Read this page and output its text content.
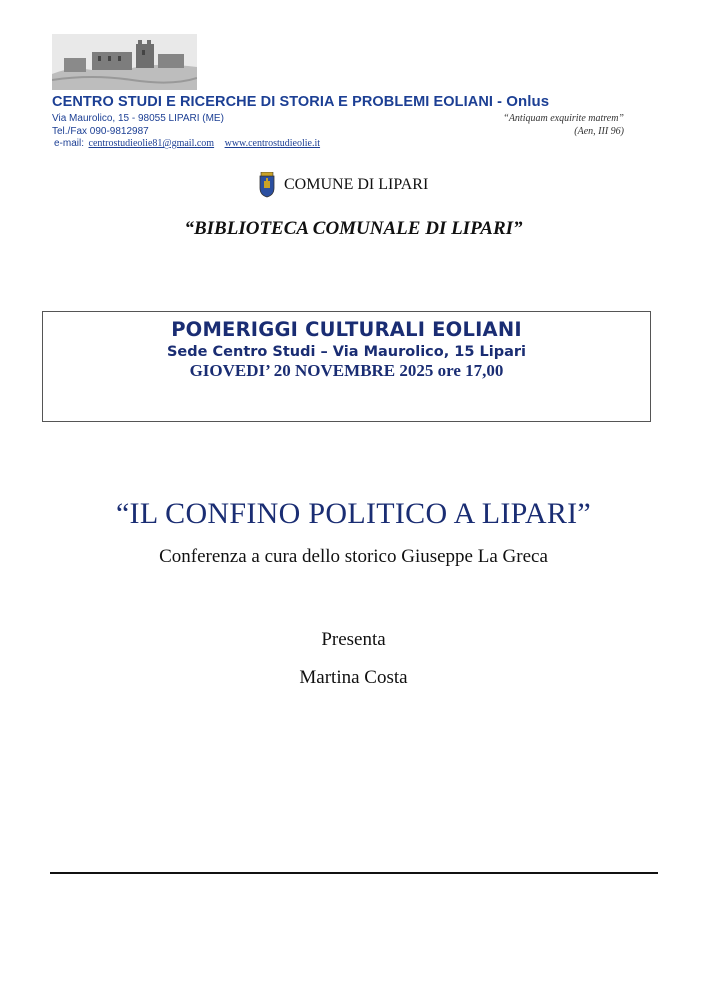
CENTRO STUDI E RICERCHE DI STORIA E PROBLEMI EOLIANI - Onlus
Via Maurolico, 15 - 98055 LIPARI (ME)	“Antiquam exquirite matrem”
Tel./Fax 090-9812987	(Aen, III 96)
e-mail: centrostudieolie81@gmail.com www.centrostudieolie.it
COMUNE DI LIPARI
“BIBLIOTECA COMUNALE DI LIPARI”
POMERIGGI CULTURALI EOLIANI
Sede Centro Studi – Via Maurolico, 15 Lipari
GIOVEDI’ 20 NOVEMBRE 2025 ore 17,00
“IL CONFINO POLITICO A LIPARI”
Conferenza a cura dello storico Giuseppe La Greca
Presenta
Martina Costa
